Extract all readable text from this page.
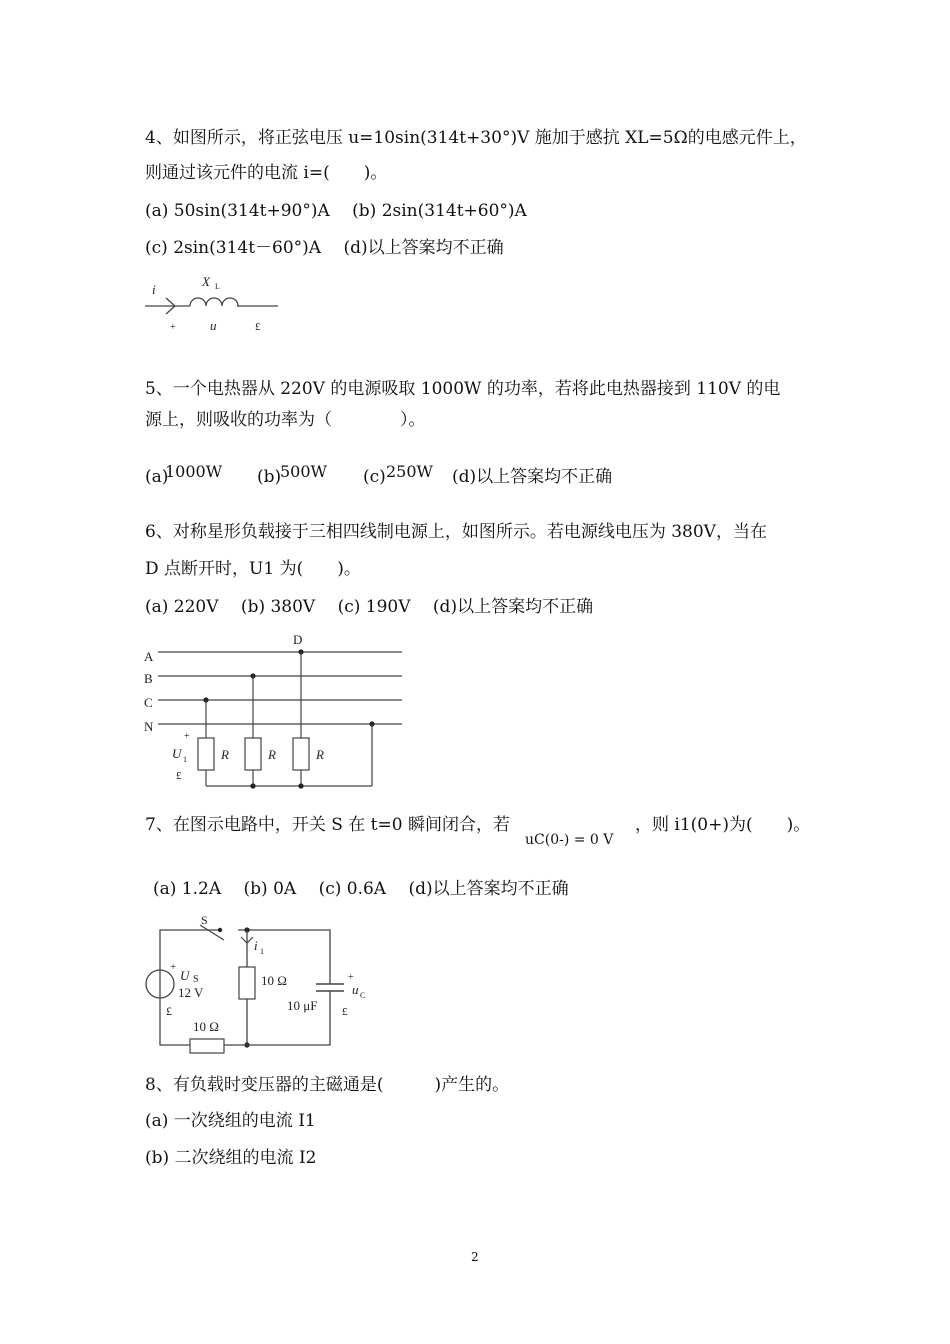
4、如图所示，将正弦电压 u=10sin(314t+30°)V 施加于感抗 XL=5Ω的电感元件上，
则通过该元件的电流 i=(　　)。
(a) 50sin(314t+90°)A　 (b) 2sin(314t+60°)A
(c) 2sin(314t－60°)A　 (d)以上答案均不正确
i
X L
+	u	£
5、一个电热器从 220V 的电源吸取 1000W 的功率，若将此电热器接到 110V 的电
源上，则吸收的功率为（　　　　）。
(a)
1000W (b)
500W (c) 250W (d)以上答案均不正确
6、对称星形负载接于三相四线制电源上，如图所示。若电源线电压为 380V，当在
D 点断开时，U1 为(　　)。
(a) 220V　 (b) 380V　 (c) 190V　 (d)以上答案均不正确
A
B
C
N
D
R	R	R
+
U 1
£
7、在图示电路中，开关 S 在 t=0 瞬间闭合，若
uC(0-) = 0 V
，则 i1(0+)为(　　)。
(a) 1.2A　 (b) 0A　 (c) 0.6A　 (d)以上答案均不正确
S
i 1
+
U S
12 V
£
10 Ω
10 Ω
10 μF
+
u C
£
8、有负载时变压器的主磁通是(　　　)产生的。
(a) 一次绕组的电流 I1
(b) 二次绕组的电流 I2
2
